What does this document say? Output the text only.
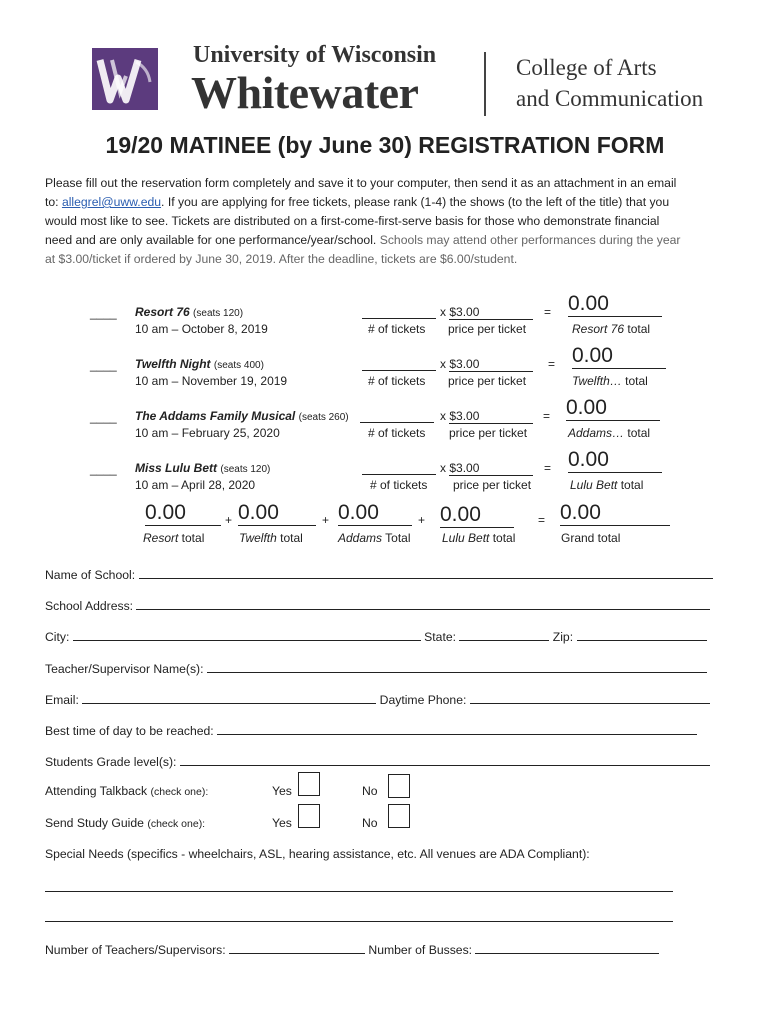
University of Wisconsin
Whitewater	College of Arts
and Communication
19/20 MATINEE (by June 30) REGISTRATION FORM
Please fill out the reservation form completely and save it to your computer, then send it as an attachment in an email to: allegrel@uww.edu. If you are applying for free tickets, please rank (1-4) the shows (to the left of the title) that you would most like to see. Tickets are distributed on a first-come-first-serve basis for those who demonstrate financial need and are only available for one performance/year/school. Schools may attend other performances during the year at $3.00/ticket if ordered by June 30, 2019. After the deadline, tickets are $6.00/student.
____ Resort 76 (seats 120)
10 am – October 8, 2019
x $3.00	= 0.00
# of tickets price per ticket	Resort 76 total
____ Twelfth Night (seats 400)
10 am – November 19, 2019
x $3.00	= 0.00
# of tickets price per ticket	Twelfth… total
____ The Addams Family Musical (seats 260)
10 am – February 25, 2020
x $3.00	= 0.00
# of tickets price per ticket	Addams… total
____ Miss Lulu Bett (seats 120)
10 am – April 28, 2020
x $3.00	= 0.00
# of tickets price per ticket	Lulu Bett total
0.00	+ 0.00	+ 0.00	+ 0.00	= 0.00
Resort total	Twelfth total	Addams Total	Lulu Bett total	Grand total
Name of School:
School Address:
City:	State:	Zip:
Teacher/Supervisor Name(s):
Email:	Daytime Phone:
Best time of day to be reached:
Students Grade level(s):
Attending Talkback (check one):	Yes	No
Send Study Guide (check one):	Yes	No
Special Needs (specifics - wheelchairs, ASL, hearing assistance, etc. All venues are ADA Compliant):
Number of Teachers/Supervisors:	Number of Busses:
